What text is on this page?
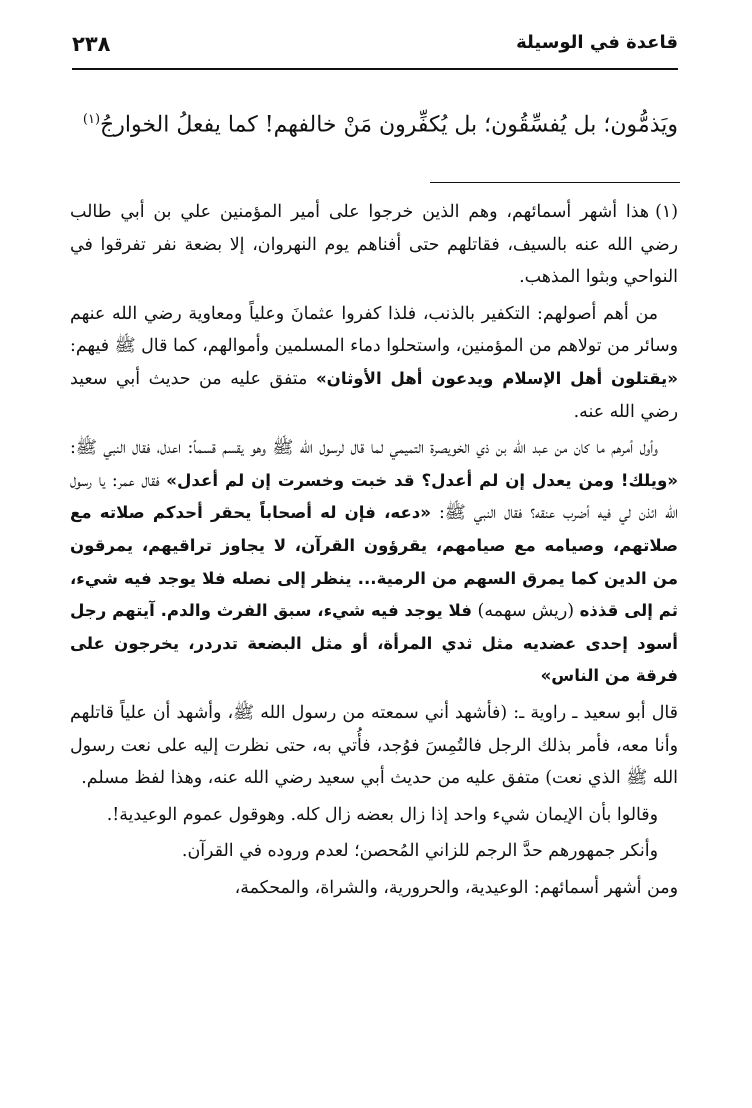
٢٣٨	قاعدة في الوسيلة
ويَذمُّون؛ بل يُفسِّقُون؛ بل يُكفِّرون مَنْ خالفهم! كما يفعلُ الخوارجُ$^{(١)}$

(١)هذا أشهر أسمائهم، وهم الذين خرجوا على أمير المؤمنين علي بن أبي طالب رضي الله عنه بالسيف، فقاتلهم حتى أفناهم يوم النهروان، إلا بضعة نفر تفرقوا في النواحي وبثوا المذهب.

من أهم أصولهم: التكفير بالذنب، فلذا كفروا عثمانَ وعلياً ومعاوية رضي الله عنهم وسائر من تولاهم من المؤمنين، واستحلوا دماء المسلمين وأموالهم، كما قال ﷺ فيهم: «يقتلون أهل الإسلام ويدعون أهل الأوثان» متفق عليه من حديث أبي سعيد رضي الله عنه.

وأول أمرهم ما كان من عبد الله بن ذي الخويصرة التميمي لما قال لرسول الله ﷺ وهو يقسم قسماً: اعدل، فقال النبي ﷺ: «ويلك! ومن يعدل إن لم أعدل؟ قد خبت وخسرت إن لم أعدل» فقال عمر: يا رسول الله ائذن لي فيه أضرب عنقه؟ فقال النبي ﷺ: «دعه، فإن له أصحاباً يحقر أحدكم صلاته مع صلاتهم، وصيامه مع صيامهم، يقرؤون القرآن، لا يجاوز تراقيهم، يمرقون من الدين كما يمرق السهم من الرمية... ينظر إلى نصله فلا يوجد فيه شيء، ثم إلى قذذه (ريش سهمه) فلا يوجد فيه شيء، سبق الفرث والدم. آيتهم رجل أسود إحدى عضديه مثل ثدي المرأة، أو مثل البضعة تدردر، يخرجون على فرقة من الناس»

قال أبو سعيد ـ راوية ـ: (فأشهد أني سمعته من رسول الله ﷺ، وأشهد أن علياً قاتلهم وأنا معه، فأمر بذلك الرجل فالتُمِسَ فوُجد، فأُتي به، حتى نظرت إليه على نعت رسول الله ﷺ الذي نعت) متفق عليه من حديث أبي سعيد رضي الله عنه، وهذا لفظ مسلم.

وقالوا بأن الإيمان شيء واحد إذا زال بعضه زال كله. وهوقول عموم الوعيدية!.

وأنكر جمهورهم حدَّ الرجم للزاني المُحصن؛ لعدم وروده في القرآن.

ومن أشهر أسمائهم: الوعيدية، والحرورية، والشراة، والمحكمة،
